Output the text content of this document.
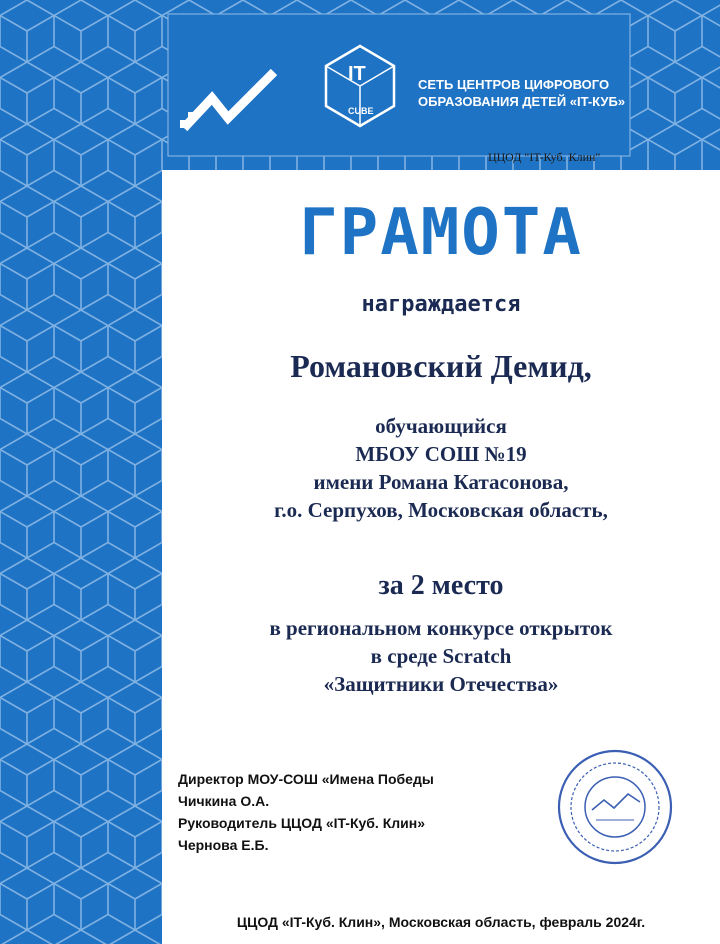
IT
CUBE
СЕТЬ ЦЕНТРОВ ЦИФРОВОГО
ОБРАЗОВАНИЯ ДЕТЕЙ «IT-КУБ»
ЦЦОД "IT-Куб. Клин"
ГРАМОТА
награждается
Романовский Демид,
обучающийся
МБОУ СОШ №19
имени Романа Катасонова,
г.о. Серпухов, Московская область,
за 2 место
в региональном конкурсе открыток
в среде Scratch
«Защитники Отечества»
Директор МОУ-СОШ «Имена Победы
Чичкина О.А.
Руководитель ЦЦОД «IT-Куб. Клин»
Чернова Е.Б.
ЦЦОД «IT-Куб. Клин», Московская область, февраль 2024г.
